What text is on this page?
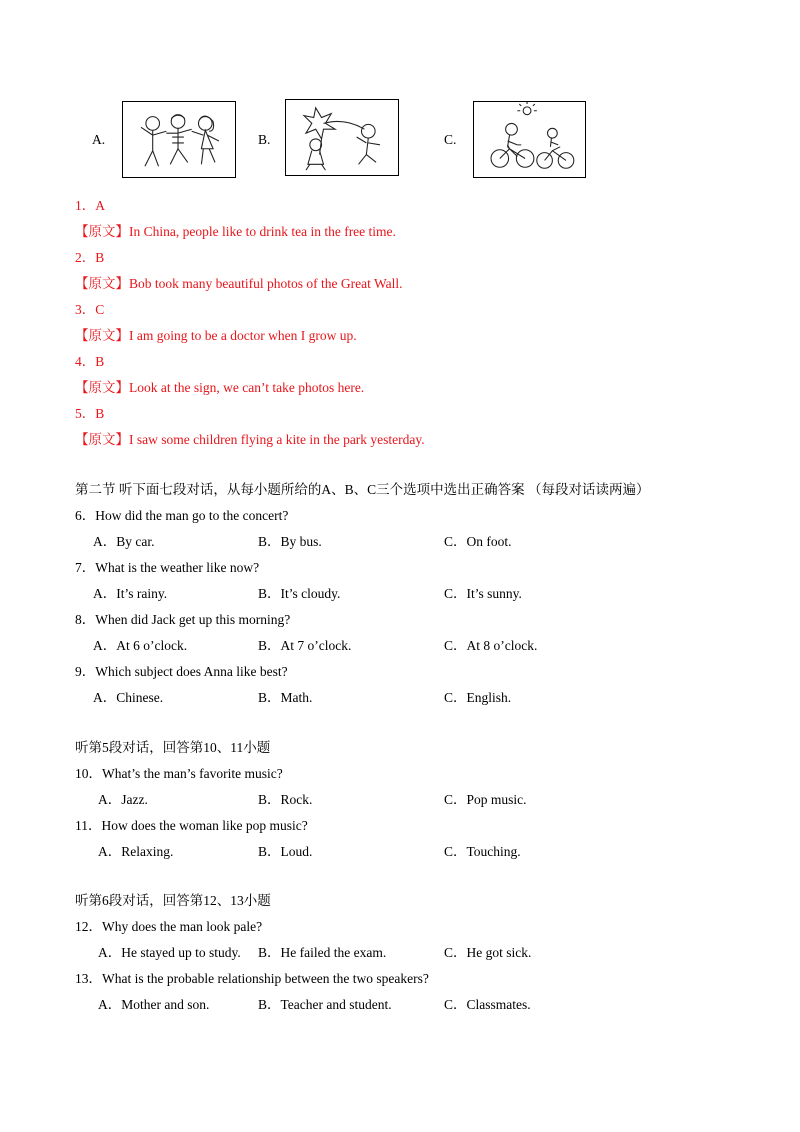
A.	B.	C.
1．A
【原文】In China, people like to drink tea in the free time.
2．B
【原文】Bob took many beautiful photos of the Great Wall.
3．C
【原文】I am going to be a doctor when I grow up.
4．B
【原文】Look at the sign, we can’t take photos here.
5．B
【原文】I saw some children flying a kite in the park yesterday.
第二节 听下面七段对话，从每小题所给的A、B、C三个选项中选出正确答案 （每段对话读两遍）
6．How did the man go to the concert?
A．By car.	B．By bus.	C．On foot.
7．What is the weather like now?
A．It’s rainy.	B．It’s cloudy.	C．It’s sunny.
8．When did Jack get up this morning?
A．At 6 o’clock.	B．At 7 o’clock.	C．At 8 o’clock.
9．Which subject does Anna like best?
A．Chinese.	B．Math.	C．English.
听第5段对话，回答第10、11小题
10．What’s the man’s favorite music?
A．Jazz.	B．Rock.	C．Pop music.
11．How does the woman like pop music?
A．Relaxing.	B．Loud.	C．Touching.
听第6段对话，回答第12、13小题
12．Why does the man look pale?
A．He stayed up to study. B．He failed the exam.	C．He got sick.
13．What is the probable relationship between the two speakers?
A．Mother and son.	B．Teacher and student.	C．Classmates.
